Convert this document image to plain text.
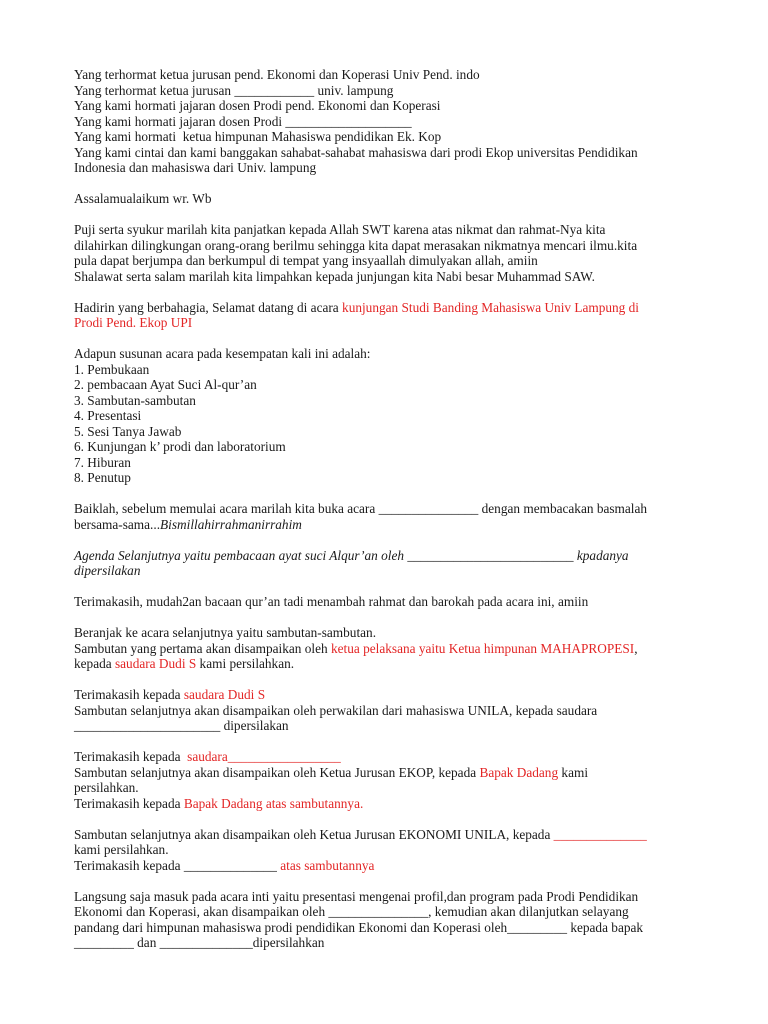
Yang terhormat ketua jurusan pend. Ekonomi dan Koperasi Univ Pend. indo

Yang terhormat ketua jurusan ____________ univ. lampung

Yang kami hormati jajaran dosen Prodi pend. Ekonomi dan Koperasi

Yang kami hormati jajaran dosen Prodi ___________________

Yang kami hormati  ketua himpunan Mahasiswa pendidikan Ek. Kop

Yang kami cintai dan kami banggakan sahabat-sahabat mahasiswa dari prodi Ekop universitas Pendidikan

Indonesia dan mahasiswa dari Univ. lampung

Assalamualaikum wr. Wb

Puji serta syukur marilah kita panjatkan kepada Allah SWT karena atas nikmat dan rahmat-Nya kita

dilahirkan dilingkungan orang-orang berilmu sehingga kita dapat merasakan nikmatnya mencari ilmu.kita

pula dapat berjumpa dan berkumpul di tempat yang insyaallah dimulyakan allah, amiin

Shalawat serta salam marilah kita limpahkan kepada junjungan kita Nabi besar Muhammad SAW.

Hadirin yang berbahagia, Selamat datang di acara kunjungan Studi Banding Mahasiswa Univ Lampung di

Prodi Pend. Ekop UPI

Adapun susunan acara pada kesempatan kali ini adalah:

1. Pembukaan

2. pembacaan Ayat Suci Al-qur’an

3. Sambutan-sambutan

4. Presentasi

5. Sesi Tanya Jawab

6. Kunjungan k’ prodi dan laboratorium

7. Hiburan

8. Penutup

Baiklah, sebelum memulai acara marilah kita buka acara _______________ dengan membacakan basmalah

bersama-sama...Bismillahirrahmanirrahim

Agenda Selanjutnya yaitu pembacaan ayat suci Alqur’an oleh _________________________ kpadanya

dipersilakan

Terimakasih, mudah2an bacaan qur’an tadi menambah rahmat dan barokah pada acara ini, amiin

Beranjak ke acara selanjutnya yaitu sambutan-sambutan.

Sambutan yang pertama akan disampaikan oleh ketua pelaksana yaitu Ketua himpunan MAHAPROPESI,

kepada saudara Dudi S kami persilahkan.

Terimakasih kepada saudara Dudi S

Sambutan selanjutnya akan disampaikan oleh perwakilan dari mahasiswa UNILA, kepada saudara

______________________ dipersilakan

Terimakasih kepada  saudara_________________

Sambutan selanjutnya akan disampaikan oleh Ketua Jurusan EKOP, kepada Bapak Dadang kami

persilahkan.

Terimakasih kepada Bapak Dadang atas sambutannya.

Sambutan selanjutnya akan disampaikan oleh Ketua Jurusan EKONOMI UNILA, kepada ______________

kami persilahkan.

Terimakasih kepada ______________ atas sambutannya

Langsung saja masuk pada acara inti yaitu presentasi mengenai profil,dan program pada Prodi Pendidikan

Ekonomi dan Koperasi, akan disampaikan oleh _______________, kemudian akan dilanjutkan selayang

pandang dari himpunan mahasiswa prodi pendidikan Ekonomi dan Koperasi oleh_________ kepada bapak

_________ dan ______________dipersilahkan
